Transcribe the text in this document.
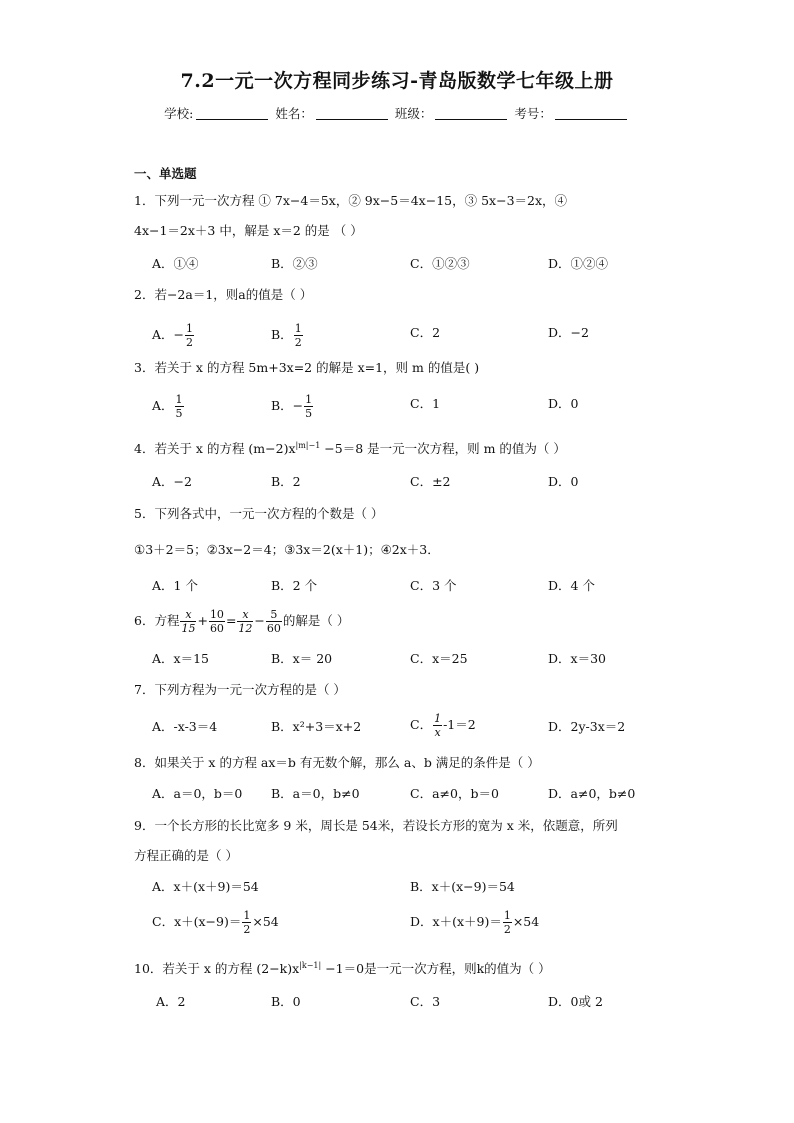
7.2一元一次方程同步练习-青岛版数学七年级上册
学校:	姓名：	班级：	考号：
一、单选题
1．下列一元一次方程 ① 7x−4＝5x，② 9x−5＝4x−15，③ 5x−3＝2x，④
4x−1＝2x＋3 中，解是 x＝2 的是 （ ）
A．①④	B．②③	C．①②③	D．①②④
2．若−2a＝1，则a的值是（ ）
A．− $\frac{1}{2}$	B． $\frac{1}{2}$	C．2	D．−2
3．若关于 x 的方程 5m+3x=2 的解是 x=1，则 m 的值是( )
A． $\frac{1}{5}$	B．− $\frac{1}{5}$	C．1	D．0
4．若关于 x 的方程 $(m-2)x^{|m|-1} -5=8$ 是一元一次方程，则 m 的值为（ ）
A．−2	B．2	C．±2	D．0
5．下列各式中，一元一次方程的个数是（ ）
①3＋2＝5；②3x−2＝4；③3x＝2(x＋1)；④2x＋3．
A．1 个	B．2 个	C．3 个	D．4 个
6．方程 $\frac{x}{15} + \frac{10}{60} = \frac{x}{12} - \frac{5}{60}$ 的解是（ ）
A．x＝15	B．x＝ 20	C．x＝25	D．x＝30
7．下列方程为一元一次方程的是（ ）
A．-x-3＝4	B．x²+3＝x+2	C． $\frac{1}{x} -1=2$	D．2y-3x＝2
8．如果关于 x 的方程 ax＝b 有无数个解，那么 a、b 满足的条件是（ ）
A．a＝0，b＝0 B．a＝0，b≠0	C．a≠0，b＝0	D．a≠0，b≠0
9．一个长方形的长比宽多 9 米，周长是 54米，若设长方形的宽为 x 米，依题意，所列
方程正确的是（ ）
A．x＋(x＋9)＝54	B．x＋(x−9)＝54
C．$x+(x-9)= \frac{1}{2} \times 54$	D．$x+(x+9)= \frac{1}{2} \times 54$
10．若关于 x 的方程 $(2-k)x^{|k-1|} -1=0$是一元一次方程，则k的值为（ ）
A．2	B．0	C．3	D．0或 2
